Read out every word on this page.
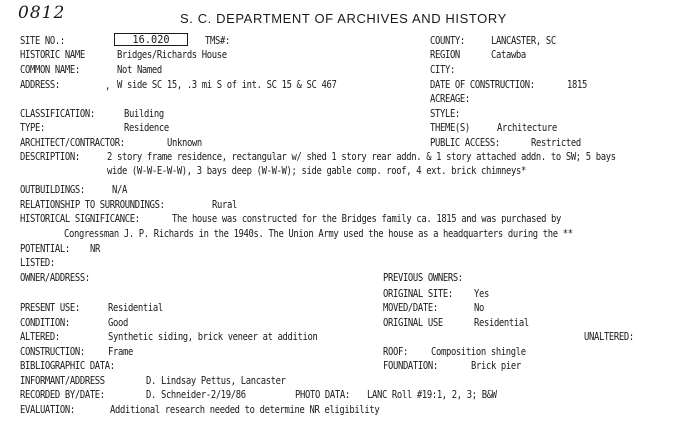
0812	S. C. DEPARTMENT OF ARCHIVES AND HISTORY
SITE NO.:	16.020	TMS#:	COUNTY:	LANCASTER, SC
HISTORIC NAME	Bridges/Richards House	REGION	Catawba
COMMON NAME:	Not Named	CITY:
ADDRESS:	, W side SC 15, .3 mi S of int. SC 15 & SC 467	DATE OF CONSTRUCTION:	1815
ACREAGE:
CLASSIFICATION:	Building	STYLE:
TYPE:	Residence	THEME(S)	Architecture
ARCHITECT/CONTRACTOR:	Unknown	PUBLIC ACCESS:	Restricted
DESCRIPTION:	2 story frame residence, rectangular w/ shed 1 story rear addn. & 1 story attached addn. to SW; 5 bays
wide (W-W-E-W-W), 3 bays deep (W-W-W); side gable comp. roof, 4 ext. brick chimneys*
OUTBUILDINGS:	N/A
RELATIONSHIP TO SURROUNDINGS:	Rural
HISTORICAL SIGNIFICANCE:	The house was constructed for the Bridges family ca. 1815 and was purchased by
Congressman J. P. Richards in the 1940s. The Union Army used the house as a headquarters during the **
POTENTIAL: NR
LISTED:
OWNER/ADDRESS:	PREVIOUS OWNERS:
ORIGINAL SITE: Yes
PRESENT USE:	Residential	MOVED/DATE:	No
CONDITION:	Good	ORIGINAL USE	Residential
ALTERED:	Synthetic siding, brick veneer at addition	UNALTERED:
CONSTRUCTION: Frame	ROOF: Composition shingle
BIBLIOGRAPHIC DATA:	FOUNDATION:	Brick pier
INFORMANT/ADDRESS	D. Lindsay Pettus, Lancaster
RECORDED BY/DATE:	D. Schneider-2/19/86	PHOTO DATA: LANC Roll #19:1, 2, 3; B&W
EVALUATION:	Additional research needed to determine NR eligibility
